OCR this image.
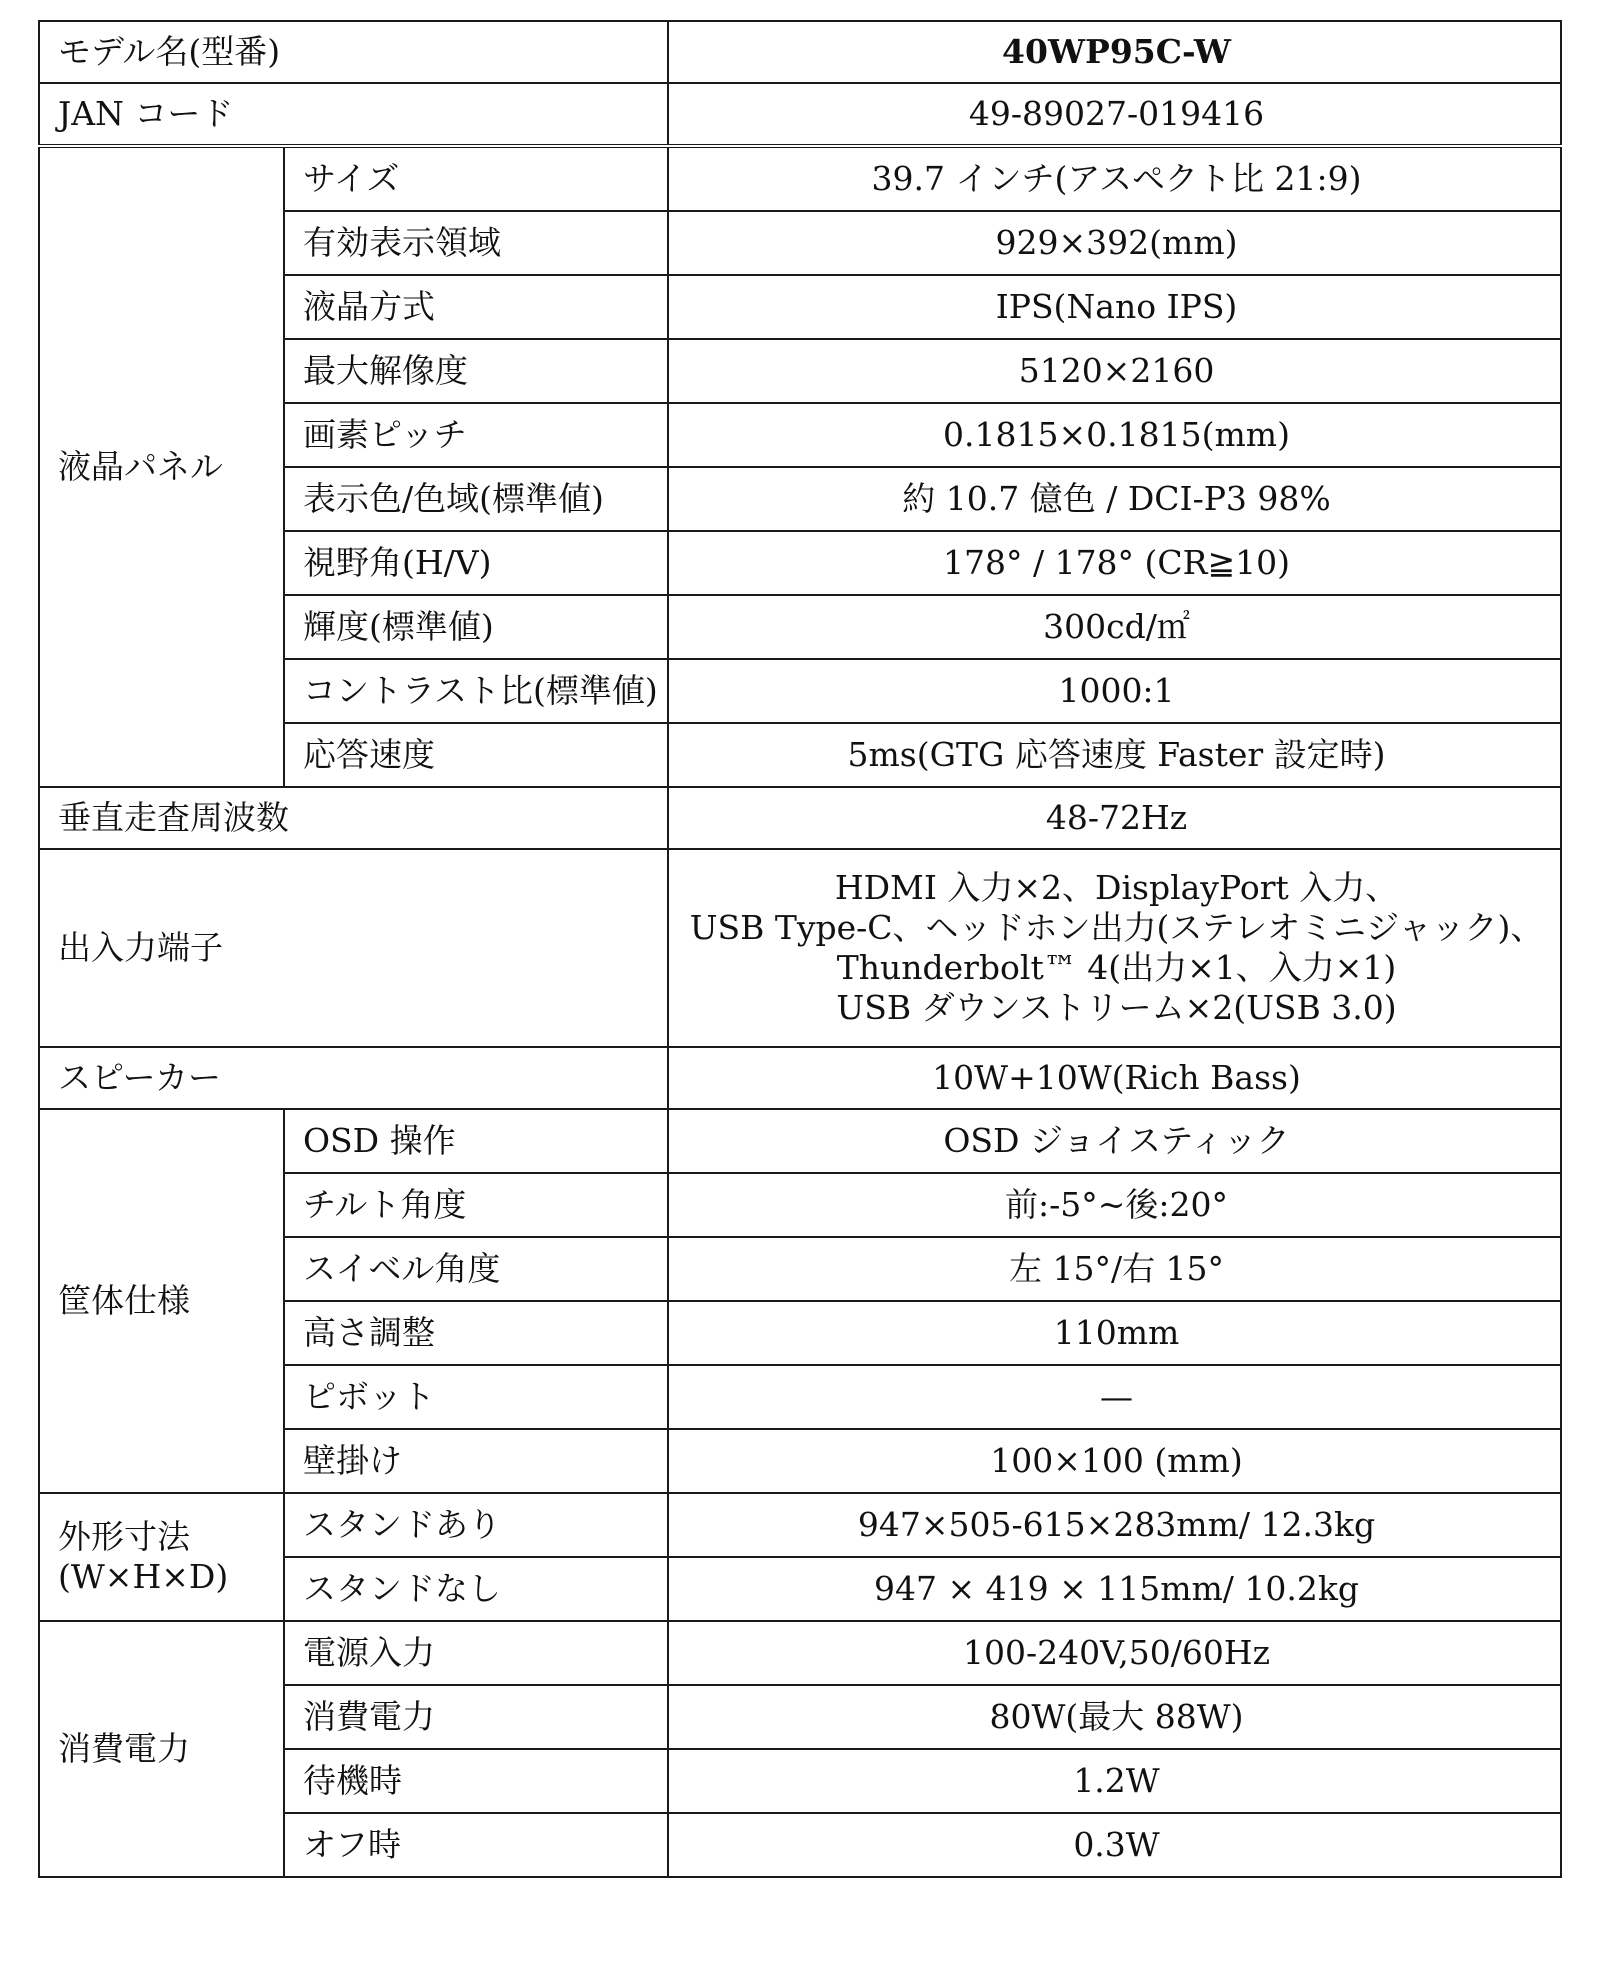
モデル名(型番)		40WP95C-W
JAN コード		49-89027-019416
液晶パネル	サイズ	39.7 インチ(アスペクト比 21:9)
	有効表示領域	929×392(mm)
	液晶方式	IPS(Nano IPS)
	最大解像度	5120×2160
	画素ピッチ	0.1815×0.1815(mm)
	表示色/色域(標準値)	約 10.7 億色 / DCI-P3 98%
	視野角(H/V)	178° / 178° (CR≧10)
	輝度(標準値)	300cd/㎡
	コントラスト比(標準値)	1000:1
	応答速度	5ms(GTG 応答速度 Faster 設定時)
垂直走査周波数		48-72Hz
出入力端子		HDMI 入力×2、DisplayPort 入力、
USB Type-C、ヘッドホン出力(ステレオミニジャック)、
Thunderbolt™ 4(出力×1、入力×1)
USB ダウンストリーム×2(USB 3.0)

スピーカー		10W+10W(Rich Bass)
筐体仕様	OSD 操作	OSD ジョイスティック
	チルト角度	前:-5°~後:20°
	スイベル角度	左 15°/右 15°
	高さ調整	110mm
	ピボット	—
	壁掛け	100×100 (mm)

外形寸法
(W×H×D)	スタンドあり	947×505-615×283mm/ 12.3kg
	スタンドなし	947 × 419 × 115mm/ 10.2kg
消費電力	電源入力	100-240V,50/60Hz
	消費電力	80W(最大 88W)
	待機時	1.2W
	オフ時	0.3W
